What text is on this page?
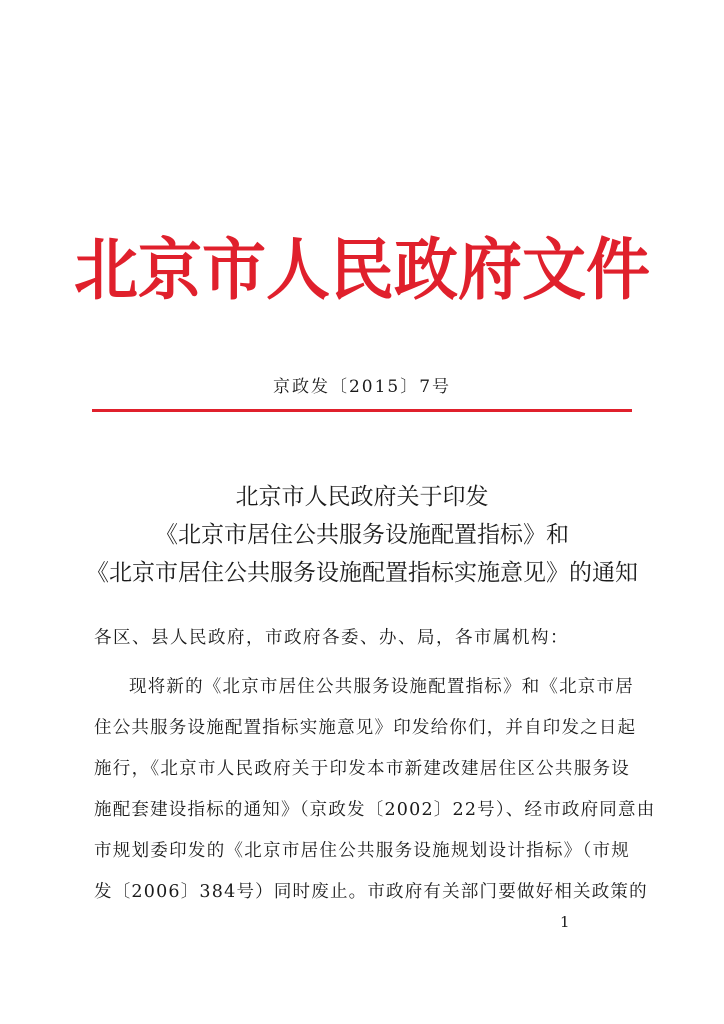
北京市人民政府文件
京政发〔2015〕7号
北京市人民政府关于印发
《北京市居住公共服务设施配置指标》和
《北京市居住公共服务设施配置指标实施意见》的通知
各区、县人民政府，市政府各委、办、局，各市属机构：
现将新的《北京市居住公共服务设施配置指标》和《北京市居
住公共服务设施配置指标实施意见》印发给你们，并自印发之日起
施行，《北京市人民政府关于印发本市新建改建居住区公共服务设
施配套建设指标的通知》（京政发〔2002〕22号）、经市政府同意由
市规划委印发的《北京市居住公共服务设施规划设计指标》（市规
发〔2006〕384号）同时废止。市政府有关部门要做好相关政策的
1
